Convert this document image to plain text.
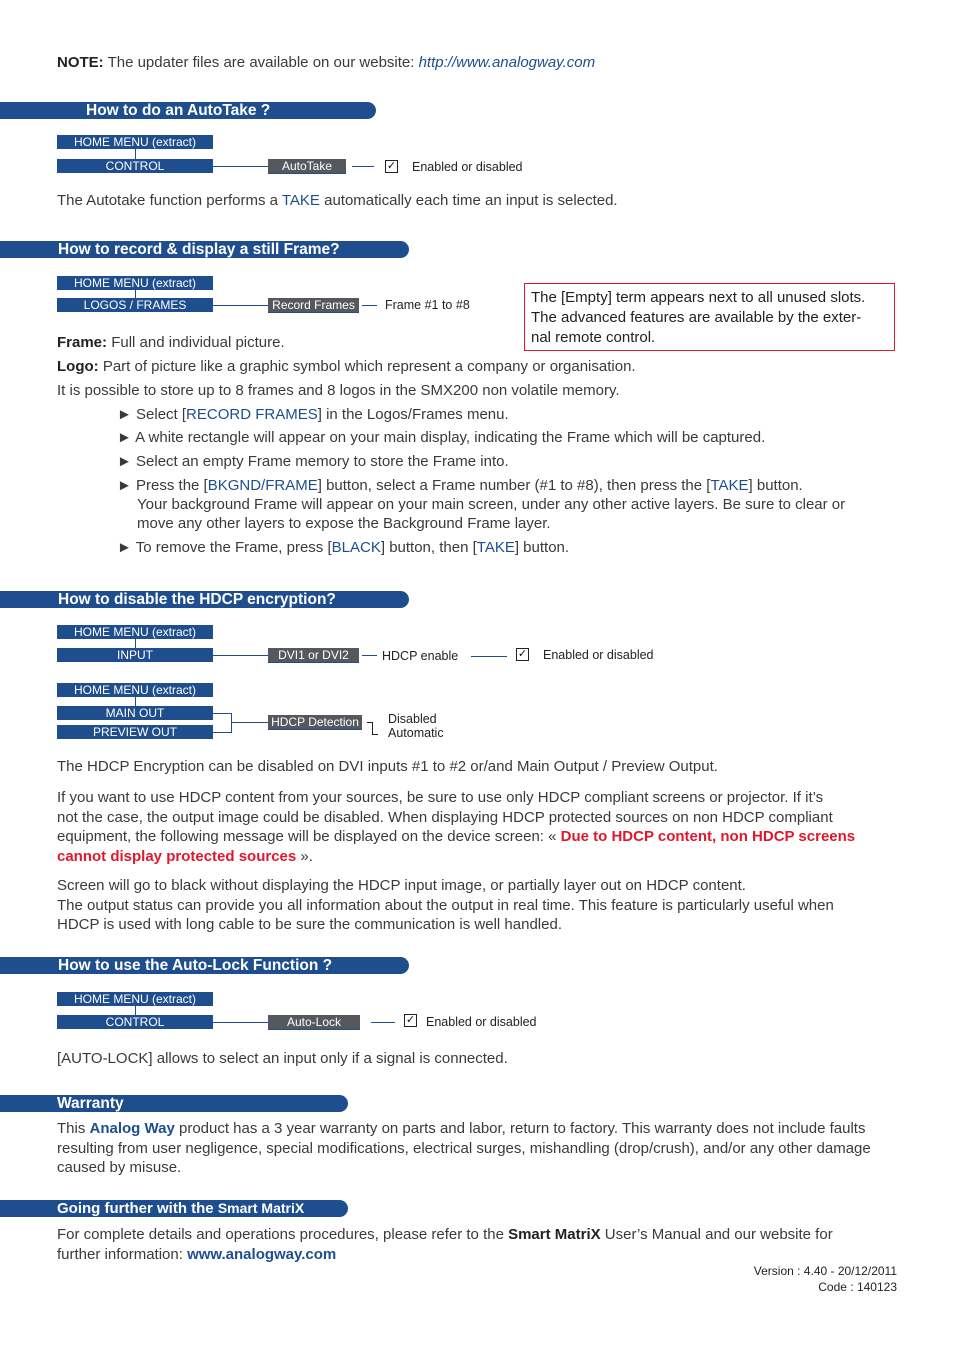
NOTE: The updater files are available on our website: http://www.analogway.com
How to do an AutoTake ?
HOME MENU (extract)
CONTROL	AutoTake	✓ Enabled or disabled
The Autotake function performs a TAKE automatically each time an input is selected.
How to record & display a still Frame?
HOME MENU (extract)
LOGOS / FRAMES	Record Frames	Frame #1 to #8	The [Empty] term appears next to all unused slots.
The advanced features are available by the exter-
nal remote control.
Frame: Full and individual picture.
Logo: Part of picture like a graphic symbol which represent a company or organisation.
It is possible to store up to 8 frames and 8 logos in the SMX200 non volatile memory.
► Select [RECORD FRAMES] in the Logos/Frames menu.
► A white rectangle will appear on your main display, indicating the Frame which will be captured.
► Select an empty Frame memory to store the Frame into.
► Press the [BKGND/FRAME] button, select a Frame number (#1 to #8), then press the [TAKE] button.
Your background Frame will appear on your main screen, under any other active layers. Be sure to clear or
move any other layers to expose the Background Frame layer.
► To remove the Frame, press [BLACK] button, then [TAKE] button.
How to disable the HDCP encryption?
HOME MENU (extract)
INPUT	DVI1 or DVI2	HDCP enable	✓ Enabled or disabled
HOME MENU (extract)
MAIN OUT
PREVIEW OUT
HDCP Detection Disabled
Automatic
The HDCP Encryption can be disabled on DVI inputs #1 to #2 or/and Main Output / Preview Output.
If you want to use HDCP content from your sources, be sure to use only HDCP compliant screens or projector. If it’s
not the case, the output image could be disabled. When displaying HDCP protected sources on non HDCP compliant
equipment, the following message will be displayed on the device screen: « Due to HDCP content, non HDCP screens
cannot display protected sources ».
Screen will go to black without displaying the HDCP input image, or partially layer out on HDCP content.
The output status can provide you all information about the output in real time. This feature is particularly useful when
HDCP is used with long cable to be sure the communication is well handled.
How to use the Auto-Lock Function ?
HOME MENU (extract)
CONTROL	Auto-Lock	✓ Enabled or disabled
[AUTO-LOCK] allows to select an input only if a signal is connected.
Warranty
This Analog Way product has a 3 year warranty on parts and labor, return to factory. This warranty does not include faults
resulting from user negligence, special modifications, electrical surges, mishandling (drop/crush), and/or any other damage
caused by misuse.
Going further with the Smart MatriX
For complete details and operations procedures, please refer to the Smart MatriX User’s Manual and our website for
further information: www.analogway.com
Version : 4.40 - 20/12/2011
Code : 140123
